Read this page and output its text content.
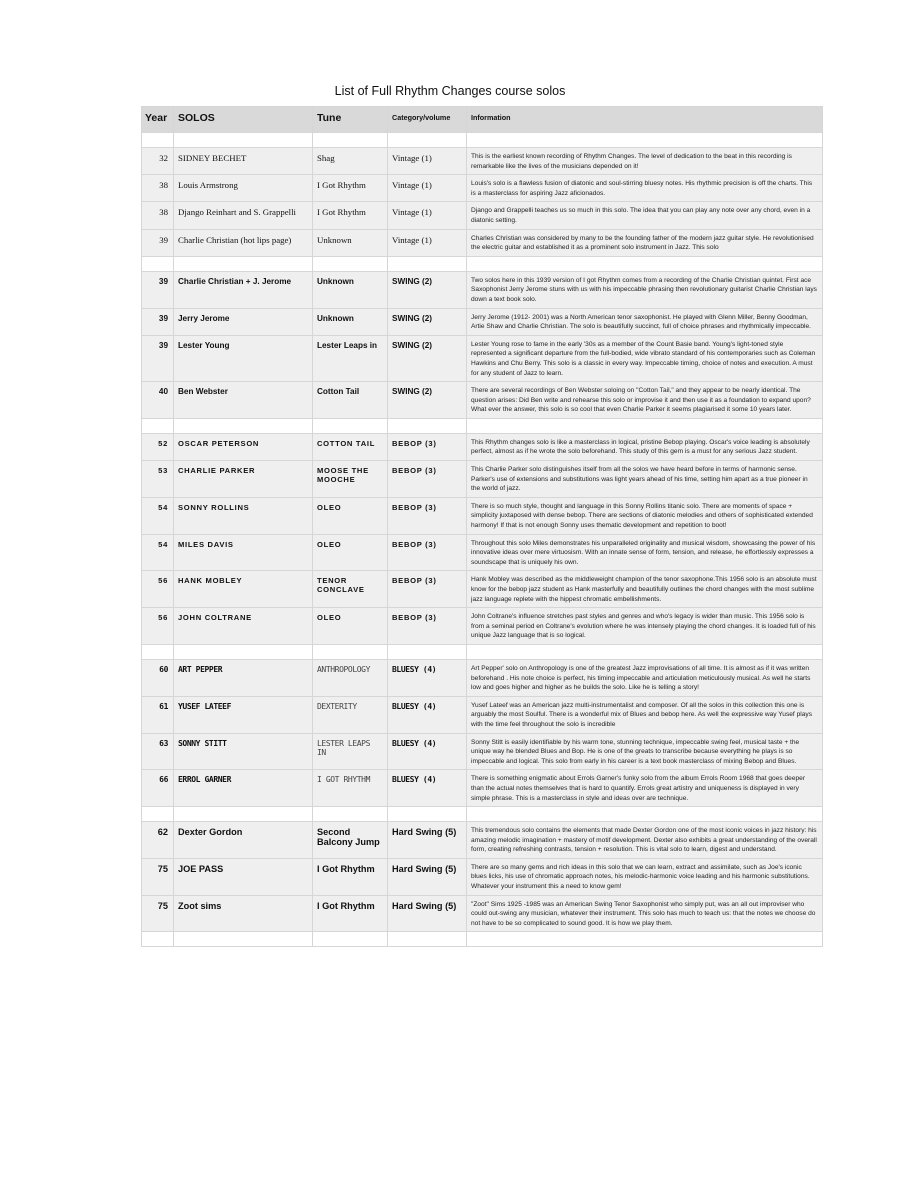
List of Full Rhythm Changes course solos
Year	SOLOS	Tune	Category/volume	Information

32	SIDNEY BECHET	Shag	Vintage (1)	This is the earliest known recording of Rhythm Changes. The level of dedication to the beat in this recording is remarkable like the lives of the musicians depended on it!
38	Louis Armstrong	I Got Rhythm	Vintage (1)	Louis's solo is a flawless fusion of diatonic and soul-stirring bluesy notes. His rhythmic precision is off the charts. This is a masterclass for aspiring Jazz aficionados.
38	Django Reinhart and S. Grappelli	I Got Rhythm	Vintage (1)	Django and Grappelli teaches us so much in this solo. The idea that you can play any note over any chord, even in a diatonic setting.
39	Charlie Christian (hot lips page)	Unknown	Vintage (1)	Charles Christian was considered by many to be the founding father of the modern jazz guitar style. He revolutionised the electric guitar and established it as a prominent solo instrument in Jazz. This solo

39	Charlie Christian + J. Jerome	Unknown	SWING (2)	Two solos here in this 1939 version of I got Rhythm comes from a recording of the Charlie Christian quintet. First ace Saxophonist Jerry Jerome stuns with us with his impeccable phrasing then revolutionary guitarist Charlie Christian lays down a text book solo.
39	Jerry Jerome	Unknown	SWING (2)	Jerry Jerome (1912- 2001) was a North American tenor saxophonist. He played with Glenn Miller, Benny Goodman, Artie Shaw and Charlie Christian. The solo is beautifully succinct, full of choice phrases and rhythmically impeccable.
39	Lester Young	Lester Leaps in	SWING (2)	Lester Young rose to fame in the early '30s as a member of the Count Basie band. Young's light-toned style represented a significant departure from the full-bodied, wide vibrato standard of his contemporaries such as Coleman Hawkins and Chu Berry. This solo is a classic in every way. Impeccable timing, choice of notes and execution. A must for any student of Jazz to learn.
40	Ben Webster	Cotton Tail	SWING (2)	There are several recordings of Ben Webster soloing on "Cotton Tail," and they appear to be nearly identical. The question arises: Did Ben write and rehearse this solo or improvise it and then use it as a foundation to expand upon? What ever the answer, this solo is so cool that even Charlie Parker it seems plagiarised it some 10 years later.

52	OSCAR PETERSON	COTTON TAIL	BEBOP (3)	This Rhythm changes solo is like a masterclass in logical, pristine Bebop playing. Oscar's voice leading is absolutely perfect, almost as if he wrote the solo beforehand. This study of this gem is a must for any serious Jazz student.
53	CHARLIE PARKER	MOOSE THE MOOCHE	BEBOP (3)	This Charlie Parker solo distinguishes itself from all the solos we have heard before in terms of harmonic sense. Parker's use of extensions and substitutions was light years ahead of his time, setting him apart as a true pioneer in the world of jazz.
54	SONNY ROLLINS	OLEO	BEBOP (3)	There is so much style, thought and language in this Sonny Rollins titanic solo. There are moments of space + simplicity juxtaposed with dense bebop. There are sections of diatonic melodies and others of sophisticated extended harmony! If that is not enough Sonny uses thematic development and repetition to boot!
54	MILES DAVIS	OLEO	BEBOP (3)	Throughout this solo Miles demonstrates his unparalleled originality and musical wisdom, showcasing the power of his innovative ideas over mere virtuosism. With an innate sense of form, tension, and release, he effortlessly expresses a soundscape that is uniquely his own.
56	HANK MOBLEY	TENOR CONCLAVE	BEBOP (3)	Hank Mobley was described as the middleweight champion of the tenor saxophone.This 1956 solo is an absolute must know for the bebop jazz student as Hank masterfully and beautifully outlines the chord changes with the most sublime jazz language replete with the hippest chromatic embellishments.
56	JOHN COLTRANE	OLEO	BEBOP (3)	John Coltrane's influence stretches past styles and genres and who's legacy is wider than music. This 1956 solo is from a seminal period en Coltrane's evolution where he was intensely playing the chord changes. It is loaded full of his unique Jazz language that is so logical.

60	ART PEPPER	ANTHROPOLOGY	BLUESY (4)	Art Pepper' solo on Anthropology is one of the greatest Jazz improvisations of all time. It is almost as if it was written beforehand . His note choice is perfect, his timing impeccable and articulation meticulously musical. As well he starts low and goes higher and higher as he builds the solo. Like he is telling a story!
61	YUSEF LATEEF	DEXTERITY	BLUESY (4)	Yusef Lateef was an American jazz multi-instrumentalist and composer. Of all the solos in this collection this one is arguably the most Soulful. There is a wonderful mix of Blues and bebop here. As well the expressive way Yusef plays with the time feel throughout the solo is incredible
63	SONNY STITT	LESTER LEAPS IN	BLUESY (4)	Sonny Stitt is easily identifiable by his warm tone, stunning technique, impeccable swing feel, musical taste + the unique way he blended Blues and Bop. He is one of the greats to transcribe because everything he plays is so impeccable and logical. This solo from early in his career is a text book masterclass of mixing Bebop and Blues.
66	ERROL GARNER	I GOT RHYTHM	BLUESY (4)	There is something enigmatic about Errols Garner's funky solo from the album Errols Room 1968 that goes deeper than the actual notes themselves that is hard to quantify. Errols great artistry and uniqueness is displayed in very simple phrase. This is a masterclass in style and ideas over are technique.

62	Dexter Gordon	Second Balcony Jump	Hard Swing (5)	This tremendous solo contains the elements that made Dexter Gordon one of the most iconic voices in jazz history: his amazing melodic imagination + mastery of motif development. Dexter also exhibits a great understanding of the overall form, creating refreshing contrasts, tension + resolution. This is vital solo to learn, digest and understand.
75	JOE PASS	I Got Rhythm	Hard Swing (5)	There are so many gems and rich ideas in this solo that we can learn, extract and assimilate, such as Joe's iconic blues licks, his use of chromatic approach notes, his melodic-harmonic voice leading and his harmonic substitutions. Whatever your instrument this a need to know gem!
75	Zoot sims	I Got Rhythm	Hard Swing (5)	"Zoot" Sims 1925 -1985 was an American Swing Tenor Saxophonist who simply put, was an all out improviser who could out-swing any musician, whatever their instrument. This solo has much to teach us: that the notes we choose do not have to be so complicated to sound good. It is how we play them.
